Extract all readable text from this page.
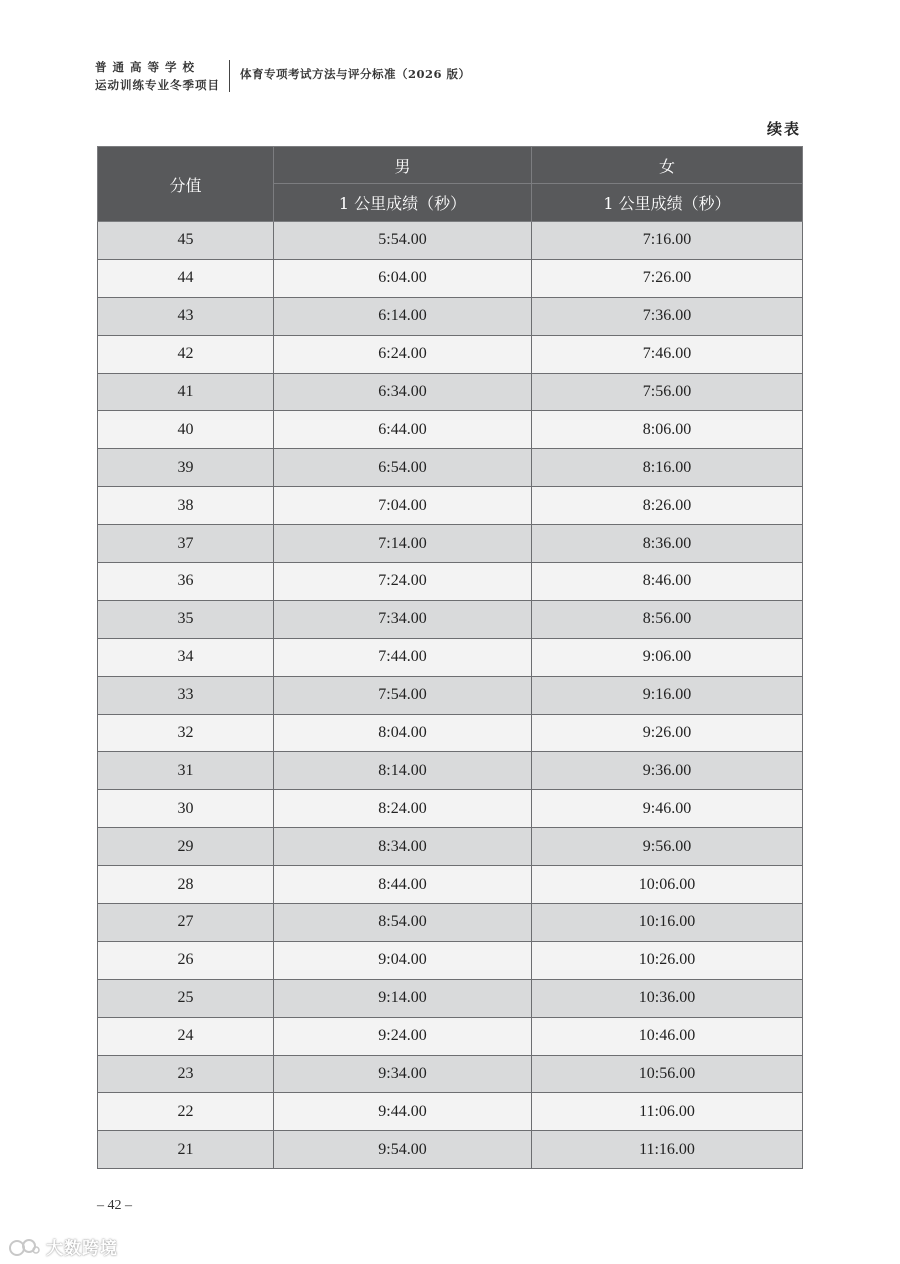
普通高等学校
运动训练专业冬季项目
体育专项考试方法与评分标准（2026 版）
续表
分值	男	女
	1 公里成绩（秒）	1 公里成绩（秒）
45	5:54.00	7:16.00
44	6:04.00	7:26.00
43	6:14.00	7:36.00
42	6:24.00	7:46.00
41	6:34.00	7:56.00
40	6:44.00	8:06.00
39	6:54.00	8:16.00
38	7:04.00	8:26.00
37	7:14.00	8:36.00
36	7:24.00	8:46.00
35	7:34.00	8:56.00
34	7:44.00	9:06.00
33	7:54.00	9:16.00
32	8:04.00	9:26.00
31	8:14.00	9:36.00
30	8:24.00	9:46.00
29	8:34.00	9:56.00
28	8:44.00	10:06.00
27	8:54.00	10:16.00
26	9:04.00	10:26.00
25	9:14.00	10:36.00
24	9:24.00	10:46.00
23	9:34.00	10:56.00
22	9:44.00	11:06.00
21	9:54.00	11:16.00
– 42 –
大数跨境
